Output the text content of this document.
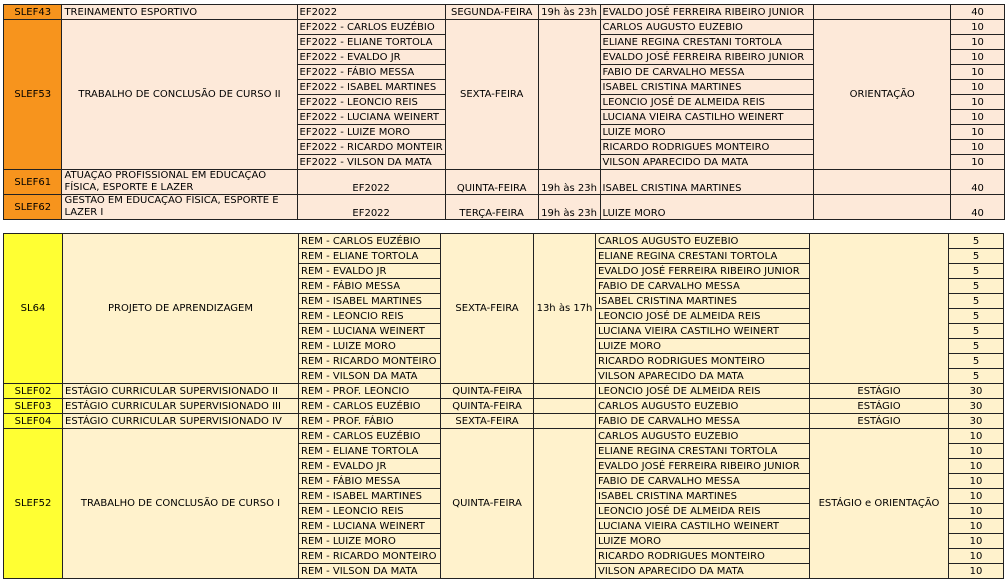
SLEF43	TREINAMENTO ESPORTIVO	EF2022	SEGUNDA-FEIRA	19h às 23h	EVALDO JOSÉ FERREIRA RIBEIRO JUNIOR		40
SLEF53	TRABALHO DE CONCLUSÃO DE CURSO II	EF2022 - CARLOS EUZÉBIO	SEXTA-FEIRA		CARLOS AUGUSTO EUZEBIO	ORIENTAÇÃO	10
		EF2022 - ELIANE TORTOLA			ELIANE REGINA CRESTANI TORTOLA		10
		EF2022 - EVALDO JR			EVALDO JOSÉ FERREIRA RIBEIRO JUNIOR		10
		EF2022 - FÁBIO MESSA			FABIO DE CARVALHO MESSA		10
		EF2022 - ISABEL MARTINES			ISABEL CRISTINA MARTINES		10
		EF2022 - LEONCIO REIS			LEONCIO JOSÉ DE ALMEIDA REIS		10
		EF2022 - LUCIANA WEINERT			LUCIANA VIEIRA CASTILHO WEINERT		10
		EF2022 - LUIZE MORO			LUIZE MORO		10
		EF2022 - RICARDO MONTEIR			RICARDO RODRIGUES MONTEIRO		10
		EF2022 - VILSON DA MATA			VILSON APARECIDO DA MATA		10
SLEF61	ATUAÇÃO PROFISSIONAL EM EDUCAÇÃO FÍSICA, ESPORTE E LAZER	EF2022	QUINTA-FEIRA	19h às 23h	ISABEL CRISTINA MARTINES		40
SLEF62	GESTÃO EM EDUCAÇÃO FÍSICA, ESPORTE E LAZER I	EF2022	TERÇA-FEIRA	19h às 23h	LUIZE MORO		40
SL64	PROJETO DE APRENDIZAGEM	REM - CARLOS EUZÉBIO	SEXTA-FEIRA	13h às 17h	CARLOS AUGUSTO EUZEBIO		5
		REM - ELIANE TORTOLA			ELIANE REGINA CRESTANI TORTOLA		5
		REM - EVALDO JR			EVALDO JOSÉ FERREIRA RIBEIRO JUNIOR		5
		REM - FÁBIO MESSA			FABIO DE CARVALHO MESSA		5
		REM - ISABEL MARTINES			ISABEL CRISTINA MARTINES		5
		REM - LEONCIO REIS			LEONCIO JOSÉ DE ALMEIDA REIS		5
		REM - LUCIANA WEINERT			LUCIANA VIEIRA CASTILHO WEINERT		5
		REM - LUIZE MORO			LUIZE MORO		5
		REM - RICARDO MONTEIRO			RICARDO RODRIGUES MONTEIRO		5
		REM - VILSON DA MATA			VILSON APARECIDO DA MATA		5
SLEF02	ESTÁGIO CURRICULAR SUPERVISIONADO II	REM - PROF. LEONCIO	QUINTA-FEIRA		LEONCIO JOSÉ DE ALMEIDA REIS	ESTÁGIO	30
SLEF03	ESTÁGIO CURRICULAR SUPERVISIONADO III	REM - CARLOS EUZÉBIO	QUINTA-FEIRA		CARLOS AUGUSTO EUZEBIO	ESTÁGIO	30
SLEF04	ESTÁGIO CURRICULAR SUPERVISIONADO IV	REM - PROF. FÁBIO	SEXTA-FEIRA		FABIO DE CARVALHO MESSA	ESTÁGIO	30
SLEF52	TRABALHO DE CONCLUSÃO DE CURSO I	REM - CARLOS EUZÉBIO	QUINTA-FEIRA		CARLOS AUGUSTO EUZEBIO	ESTÁGIO e ORIENTAÇÃO	10
		REM - ELIANE TORTOLA			ELIANE REGINA CRESTANI TORTOLA		10
		REM - EVALDO JR			EVALDO JOSÉ FERREIRA RIBEIRO JUNIOR		10
		REM - FÁBIO MESSA			FABIO DE CARVALHO MESSA		10
		REM - ISABEL MARTINES			ISABEL CRISTINA MARTINES		10
		REM - LEONCIO REIS			LEONCIO JOSÉ DE ALMEIDA REIS		10
		REM - LUCIANA WEINERT			LUCIANA VIEIRA CASTILHO WEINERT		10
		REM - LUIZE MORO			LUIZE MORO		10
		REM - RICARDO MONTEIRO			RICARDO RODRIGUES MONTEIRO		10
		REM - VILSON DA MATA			VILSON APARECIDO DA MATA		10
